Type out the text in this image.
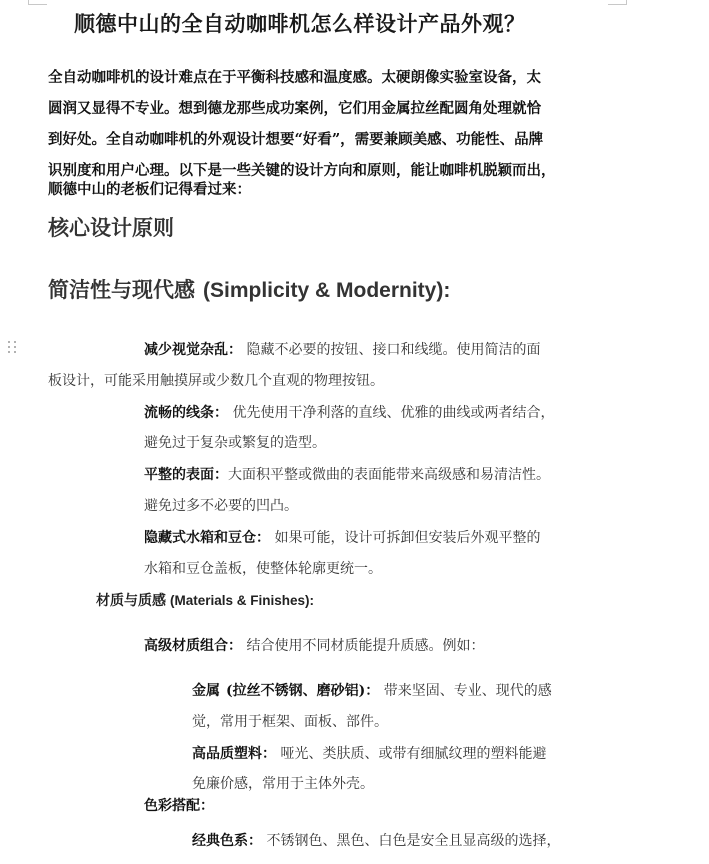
顺德中山的全自动咖啡机怎么样设计产品外观？

全自动咖啡机的设计难点在于平衡科技感和温度感。太硬朗像实验室设备，太

圆润又显得不专业。想到德龙那些成功案例，它们用金属拉丝配圆角处理就恰

到好处。全自动咖啡机的外观设计想要“好看”，需要兼顾美感、功能性、品牌

识别度和用户心理。以下是一些关键的设计方向和原则，能让咖啡机脱颖而出，

顺德中山的老板们记得看过来：

核心设计原则
简洁性与现代感 (Simplicity & Modernity):
减少视觉杂乱： 隐藏不必要的按钮、接口和线缆。使用简洁的面
板设计，可能采用触摸屏或少数几个直观的物理按钮。
流畅的线条： 优先使用干净利落的直线、优雅的曲线或两者结合，
避免过于复杂或繁复的造型。
平整的表面：大面积平整或微曲的表面能带来高级感和易清洁性。
避免过多不必要的凹凸。
隐藏式水箱和豆仓： 如果可能，设计可拆卸但安装后外观平整的
水箱和豆仓盖板，使整体轮廓更统一。
材质与质感 (Materials & Finishes):
高级材质组合： 结合使用不同材质能提升质感。例如：
金属 (拉丝不锈钢、磨砂铝)： 带来坚固、专业、现代的感
觉，常用于框架、面板、部件。
高品质塑料： 哑光、类肤质、或带有细腻纹理的塑料能避
免廉价感，常用于主体外壳。
色彩搭配：
经典色系： 不锈钢色、黑色、白色是安全且显高级的选择，
